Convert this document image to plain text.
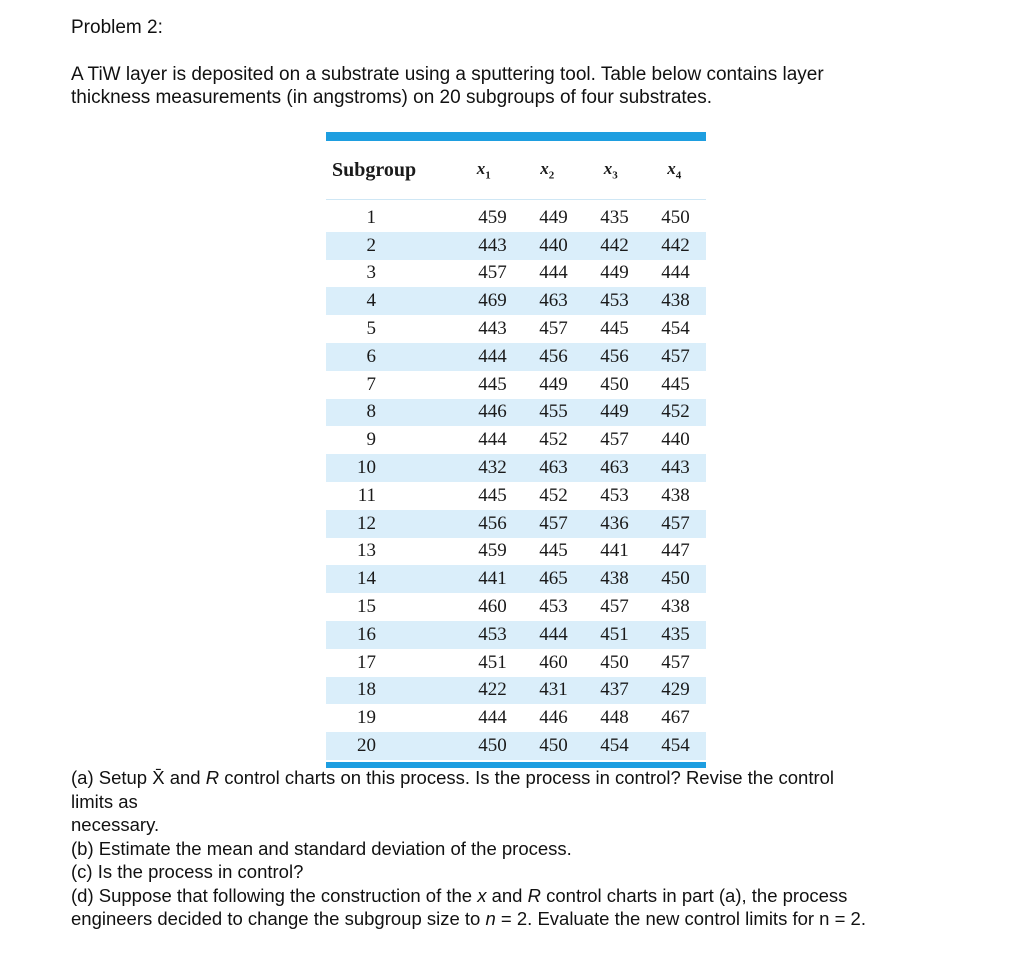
Problem 2:
A TiW layer is deposited on a substrate using a sputtering tool. Table below contains layer
thickness measurements (in angstroms) on 20 subgroups of four substrates.
Subgroup	$x_1$	$x_2$	$x_3$	$x_4$
1	459	449	435	450
2	443	440	442	442
3	457	444	449	444
4	469	463	453	438
5	443	457	445	454
6	444	456	456	457
7	445	449	450	445
8	446	455	449	452
9	444	452	457	440
10	432	463	463	443
11	445	452	453	438
12	456	457	436	457
13	459	445	441	447
14	441	465	438	450
15	460	453	457	438
16	453	444	451	435
17	451	460	450	457
18	422	431	437	429
19	444	446	448	467
20	450	450	454	454
(a) Setup X̄ and R control charts on this process. Is the process in control? Revise the control
limits as
necessary.
(b) Estimate the mean and standard deviation of the process.
(c) Is the process in control?
(d) Suppose that following the construction of the x and R control charts in part (a), the process
engineers decided to change the subgroup size to n = 2. Evaluate the new control limits for n = 2.
